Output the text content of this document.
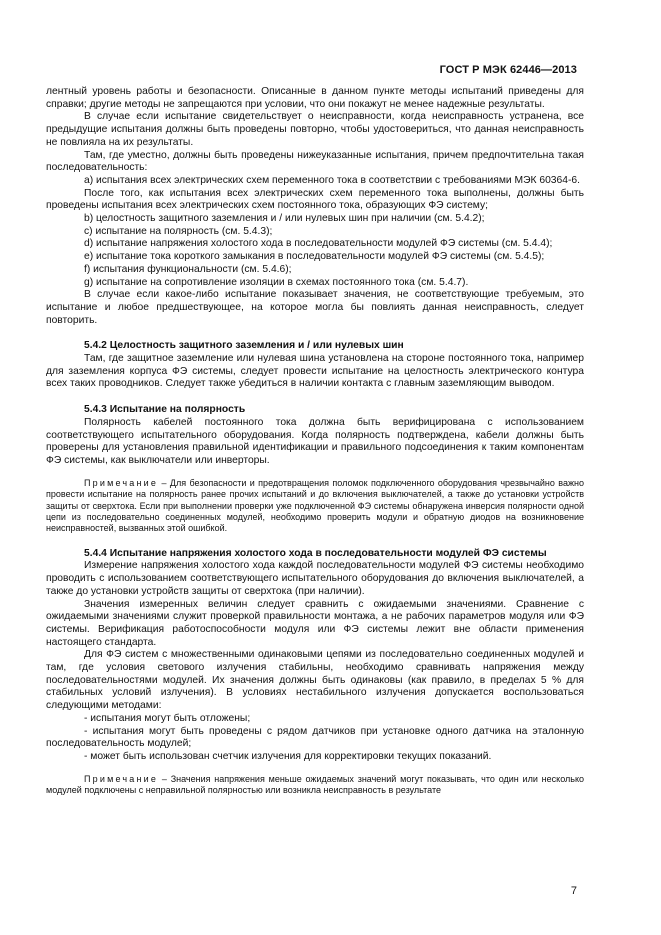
ГОСТ Р МЭК 62446—2013

лентный уровень работы и безопасности. Описанные в данном пункте методы испытаний приведены для справки; другие методы не запрещаются при условии, что они покажут не менее надежные результаты.

В случае если испытание свидетельствует о неисправности, когда неисправность устранена, все предыдущие испытания должны быть проведены повторно, чтобы удостовериться, что данная неисправность не повлияла на их результаты.

Там, где уместно, должны быть проведены нижеуказанные испытания, причем предпочтительна такая последовательность:

a) испытания всех электрических схем переменного тока в соответствии с требованиями МЭК 60364-6.

После того, как испытания всех электрических схем переменного тока выполнены, должны быть проведены испытания всех электрических схем постоянного тока, образующих ФЭ систему;

b) целостность защитного заземления и / или нулевых шин при наличии (см. 5.4.2);

c) испытание на полярность (см. 5.4.3);

d) испытание напряжения холостого хода в последовательности модулей ФЭ системы (см. 5.4.4);

e) испытание тока короткого замыкания в последовательности модулей ФЭ системы (см. 5.4.5);

f) испытания функциональности (см. 5.4.6);

g) испытание на сопротивление изоляции в схемах постоянного тока (см. 5.4.7).

В случае если какое-либо испытание показывает значения, не соответствующие требуемым, это испытание и любое предшествующее, на которое могла бы повлиять данная неисправность, следует повторить.

5.4.2 Целостность защитного заземления и / или нулевых шин

Там, где защитное заземление или нулевая шина установлена на стороне постоянного тока, например для заземления корпуса ФЭ системы, следует провести испытание на целостность электрического контура всех таких проводников. Следует также убедиться в наличии контакта с главным заземляющим выводом.

5.4.3 Испытание на полярность

Полярность кабелей постоянного тока должна быть верифицирована с использованием соответствующего испытательного оборудования. Когда полярность подтверждена, кабели должны быть проверены для установления правильной идентификации и правильного подсоединения к таким компонентам ФЭ системы, как выключатели или инверторы.

Примечание – Для безопасности и предотвращения поломок подключенного оборудования чрезвычайно важно провести испытание на полярность ранее прочих испытаний и до включения выключателей, а также до установки устройств защиты от сверхтока. Если при выполнении проверки уже подключенной ФЭ системы обнаружена инверсия полярности одной цепи из последовательно соединенных модулей, необходимо проверить модули и обратную диодов на возникновение неисправностей, вызванных этой ошибкой.

5.4.4 Испытание напряжения холостого хода в последовательности модулей ФЭ системы

Измерение напряжения холостого хода каждой последовательности модулей ФЭ системы необходимо проводить с использованием соответствующего испытательного оборудования до включения выключателей, а также до установки устройств защиты от сверхтока (при наличии).

Значения измеренных величин следует сравнить с ожидаемыми значениями. Сравнение с ожидаемыми значениями служит проверкой правильности монтажа, а не рабочих параметров модуля или ФЭ системы. Верификация работоспособности модуля или ФЭ системы лежит вне области применения настоящего стандарта.

Для ФЭ систем с множественными одинаковыми цепями из последовательно соединенных модулей и там, где условия светового излучения стабильны, необходимо сравнивать напряжения между последовательностями модулей. Их значения должны быть одинаковы (как правило, в пределах 5 % для стабильных условий излучения). В условиях нестабильного излучения допускается воспользоваться следующими методами:

- испытания могут быть отложены;

- испытания могут быть проведены с рядом датчиков при установке одного датчика на эталонную последовательность модулей;

- может быть использован счетчик излучения для корректировки текущих показаний.

Примечание – Значения напряжения меньше ожидаемых значений могут показывать, что один или несколько модулей подключены с неправильной полярностью или возникла неисправность в результате

7
